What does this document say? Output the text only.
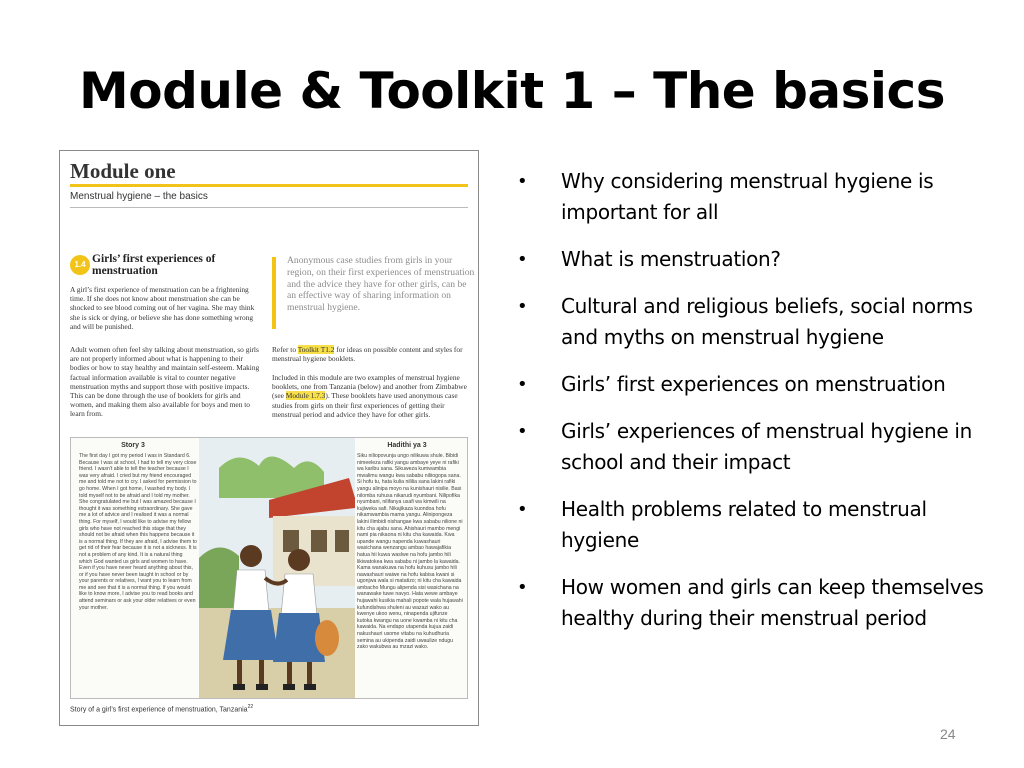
Module & Toolkit 1 – The basics
Module one
Menstrual hygiene – the basics
1.4 Girls’ first experiences of menstruation

A girl’s first experience of menstruation can be a frightening time. If she does not know about menstruation she can be shocked to see blood coming out of her vagina. She may think she is sick or dying, or believe she has done something wrong and will be punished.

Adult women often feel shy talking about menstruation, so girls are not properly informed about what is happening to their bodies or how to stay healthy and maintain self-esteem. Making factual information available is vital to counter negative menstruation myths and support those with positive impacts. This can be done through the use of booklets for girls and women, and making them also available for boys and men to learn from.

Anonymous case studies from girls in your region, on their first experiences of menstruation and the advice they have for other girls, can be an effective way of sharing information on menstrual hygiene.

Refer to Toolkit T1.2 for ideas on possible content and styles for menstrual hygiene booklets.

Included in this module are two examples of menstrual hygiene booklets, one from Tanzania (below) and another from Zimbabwe (see Module 1.7.3). These booklets have used anonymous case studies from girls on their first experiences of getting their menstrual period and advice they have for other girls.

Story 3	Hadithi ya 3

The first day I got my period I was in Standard 6. Because I was at school, I had to tell my very close friend. I wasn't able to tell the teacher because I was very afraid. I cried but my friend encouraged me and told me not to cry. I asked for permission to go home. When I got home, I washed my body. I told myself not to be afraid and I told my mother. She congratulated me but I was amazed because I thought it was something extraordinary. She gave me a lot of advice and I realised it was a normal thing. For myself, I would like to advise my fellow girls who have not reached this stage that they should not be afraid when this happens because it is a normal thing. If they are afraid, I advise them to get rid of their fear because it is not a sickness. It is not a problem of any kind. It is a natural thing which God wanted us girls and women to have. Even if you have never heard anything about this, or if you have never been taught in school or by your parents or relatives, I want you to learn from me and see that it is a normal thing. If you would like to know more, I advise you to read books and attend seminars or ask your older relatives or even your mother.

Siku niliopovunja ungo nilikuwa shule. Bibidi nimeeleza rafiki yangu ambaye yeye ni rafiki wa karibu sana. Sikuweza kumwambia mwalimu wangu kwa sababu niliiogopa sana. Si hofu tu, hata kulia nililia sana lakini rafiki yangu alinipa moyo na kunishauri nisilie. Basi nilomba ruhusa nikarudi nyumbani. Nilipofika nyumbani, nilifanya usafi wa kimwili na kujiweka safi. Nikajikaza kuondoa hofu nikamwambia mama yangu. Alinipongeza lakini ilimbidi nishangae kwa sababu nilione ni kitu cha ajabu sana. Ahishauri mambo mengi nami pia nikaona ni kitu cha kawaida. Kwa upande wangu napenda kuwashauri wasichana wenzangu ambao hawajafikia hatua hii kuwa waslwe na hofu jambo hili likiwatokea kwa sababu ni jambo la kawaida. Kama wanakuwa na hofu kuhusu jambo hili nawashauri waiwe na hofu kabisa kwani si ugonjwa wala si matatizo; ni kitu cha kawaida ambacho Mungu alipenda sisi wasichana na wanawake tuwe navyo. Hata wewe ambaye hujawahi kusikia mahali popote wala hujawahi kufundishwa shuleni au wazazi wako au kwenye ukoo wenu, ninapenda ujifunze kutoka kwangu na uone kwamba ni kitu cha kawaida. Na endapo utapenda kujua zaidi nakushauri usome vitabu na kuhudhuria semina au ukipenda zaidi uwaulize ndugu zako wakubwa au mzazi wako.

Story of a girl’s first experience of menstruation, Tanzania$^{22}$
• Why considering menstrual hygiene is important for all
• What is menstruation?
• Cultural and religious beliefs, social norms and myths on menstrual hygiene
• Girls’ first experiences on menstruation
• Girls’ experiences of menstrual hygiene in school and their impact
• Health problems related to menstrual hygiene
• How women and girls can keep themselves healthy during their menstrual period
24
